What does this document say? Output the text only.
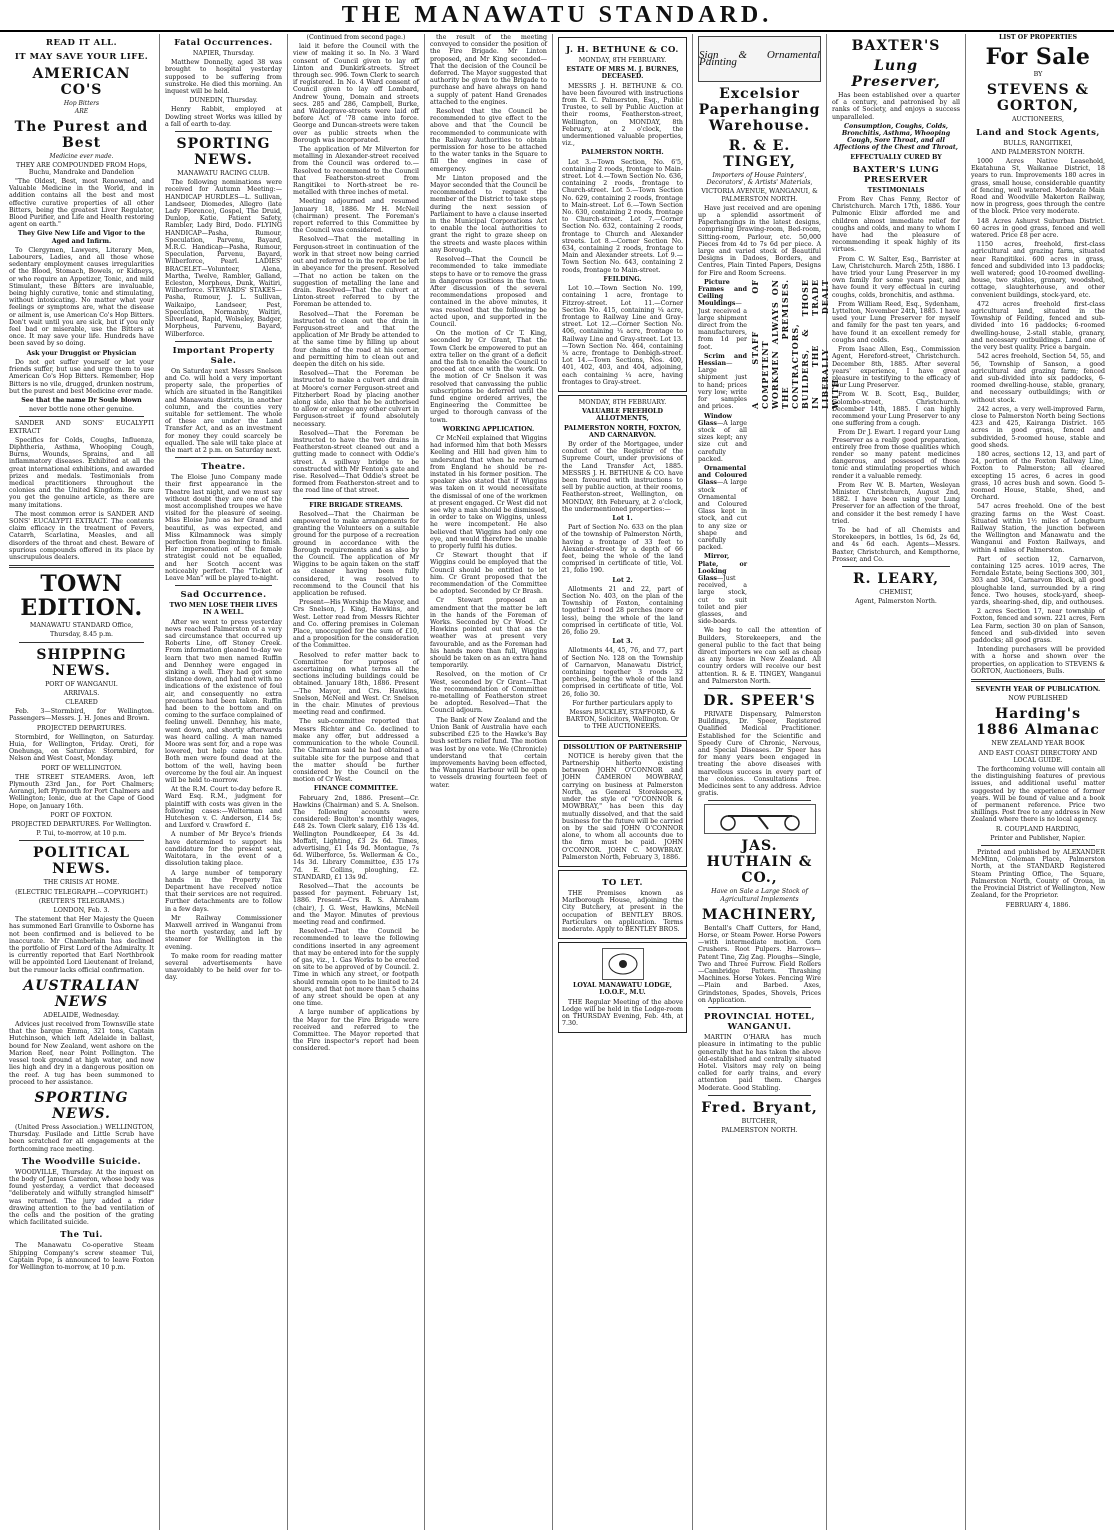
THE MANAWATU STANDARD.
READ IT ALL.
IT MAY SAVE YOUR LIFE.
AMERICAN CO'S
Hop Bitters
ARE
The Purest and Best
Medicine ever made.

THEY ARE COMPOUNDED FROM Hops, Buchu, Mandrake and Dandelion

"The Oldest, Best, most Renowned, and Valuable Medicine in the World, and in addition contains all the best and most effective curative properties of all other Bitters, being the greatest Liver Regulator, Blood Purifier, and Life and Health restoring agent on earth."

They Give New Life and Vigor to the Aged and Infirm.

To Clergymen, Lawyers, Literary Men, Labourers, Ladies, and all those whose sedentary employment causes irregularities of the Blood, Stomach, Bowels, or Kidneys, or who require an Appetizer, Tonic, and mild Stimulant, these Bitters are invaluable, being highly curative, tonic and stimulating, without intoxicating. No matter what your feelings or symptoms are, what the disease or ailment is, use American Co's Hop Bitters. Don't wait until you are sick, but if you only feel bad or miserable, use the Bitters at once. It may save your life. Hundreds have been saved by so doing.

Ask your Druggist or Physician

Do not get suffer yourself or let your friends suffer, but use and urge them to use American Co's Hop Bitters. Remember, Hop Bitters is no vile, drugged, drunken nostrum, but the purest and best Medicine ever made.

See that the name Dr Soule blown

never bottle none other genuine.

SANDER AND SONS' EUCALYPTI EXTRACT

Specifics for Colds, Coughs, Influenza, Diphtheria, Asthma, Whooping Cough, Burns, Wounds, Sprains, and all inflammatory diseases. Exhibited at all the great international exhibitions, and awarded prizes and medals. Testimonials from medical practitioners throughout the colonies and the United Kingdom. Be sure you get the genuine article, as there are many imitations.

The most common error is SANDER AND SONS' EUCALYPTI EXTRACT. The contents claim efficacy in the treatment of Fevers, Catarrh, Scarlatina, Measles, and all disorders of the throat and chest. Beware of spurious compounds offered in its place by unscrupulous dealers.

TOWN EDITION.

MANAWATU STANDARD Office,

Thursday, 8.45 p.m.

SHIPPING NEWS.

PORT OF WANGANUI.

ARRIVALS.

CLEARED

Feb. 3—Stormbird, for Wellington. Passengers—Messrs. J. H. Jones and Brown.

PROJECTED DEPARTURES.

Stormbird, for Wellington, on Saturday. Huia, for Wellington, Friday. Oreti, for Onehunga, on Saturday. Stormbird, for Nelson and West Coast, Monday.

PORT OF WELLINGTON.

THE STREET STEAMERS. Avon, left Plymouth 23rd Jan., for Port Chalmers; Aorangi, left Plymouth for Port Chalmers and Wellington; Ionic, due at the Cape of Good Hope, on January 16th.

PORT OF FOXTON.

PROJECTED DEPARTURES. For Wellington.

P. Tui, to-morrow, at 10 p.m.

POLITICAL NEWS.

THE CRISIS AT HOME.

(ELECTRIC TELEGRAPH.—COPYRIGHT.)

(REUTER'S TELEGRAMS.)

LONDON, Feb. 3.

The statement that Her Majesty the Queen has summoned Earl Granville to Osborne has not been confirmed and is believed to be inaccurate. Mr Chamberlain has declined the portfolio of First Lord of the Admiralty. It is currently reported that Earl Northbrook will be appointed Lord Lieutenant of Ireland, but the rumour lacks official confirmation.

AUSTRALIAN NEWS

ADELAIDE, Wednesday.

Advices just received from Townsville state that the barque Emma, 321 tons, Captain Hutchinson, which left Adelaide in ballast, bound for New Zealand, went ashore on the Marion Reef, near Point Pollington. The vessel took ground at high water, and now lies high and dry in a dangerous position on the reef. A tug has been summoned to proceed to her assistance.

SPORTING NEWS.

(United Press Association.) WELLINGTON, Thursday. Fusilade and Little Scrub have been scratched for all engagements at the forthcoming race meeting.

The Woodville Suicide.

WOODVILLE, Thursday. At the inquest on the body of James Cameron, whose body was found yesterday, a verdict that deceased "deliberately and wilfully strangled himself" was returned. The jury added a rider drawing attention to the bad ventilation of the cells and the position of the grating which facilitated suicide.

The Tui.

The Manawatu Co-operative Steam Shipping Company's screw steamer Tui, Captain Pope, is announced to leave Foxton for Wellington to-morrow, at 10 p.m.

Fatal Occurrences.

NAPIER, Thursday.

Matthew Donnelly, aged 38 was brought to hospital yesterday supposed to be suffering from sunstroke. He died this morning. An inquest will be held.

DUNEDIN, Thursday.

Henry Rabbit, employed at Dowling street Works was killed by a fall of earth to-day.

SPORTING NEWS.

MANAWATU RACING CLUB.

The following nominations were received for Autumn Meeting:— HANDICAP HURDLES—L. Sullivan, Landseer, Diomedes, Allegro (late Lady Florence), Gospel, The Druid, Dunlop, Katie, Patient Safety, Rambler, Lady Bird, Dodo. FLYING HANDICAP—Pasha, Rumour, Speculation, Parvenu, Bayard, M.R.C. Handicap—Pasha, Rumour, Speculation, Parvenu, Bayard, Wilberforce, Pearl. LADIES' BRACELET—Volunteer, Alena, Martha, Twelve, Rambler, Galland, Ecleston, Morpheus, Dunk, Waitiri, Wilberforce. STEWARDS' STAKES—Pasha, Rumour, J. L. Sullivan, Waikaipo, Landseer, Pest, Speculation, Normanby, Waitiri, Silverlead, Rapid, Wolseley, Badger, Morpheus, Parvenu, Bayard, Wilberforce.

Important Property Sale.

On Saturday next Messrs Snelson and Co. will hold a very important property sale, the properties of which are situated in the Rangitikei and Manawatu districts, in another column, and the counties very suitable for settlement. The whole of these are under the Land Transfer Act, and as an investment for money they could scarcely be equalled. The sale will take place at the mart at 2 p.m. on Saturday next.

Theatre.

The Eloise Juno Company made their first appearance in the Theatre last night, and we must say without doubt they are one of the most accomplished troupes we have visited for the pleasure of seeing. Miss Eloise Juno as her Grand and beautiful, as was expected, and Miss Kilmamnock was simply perfection from beginning to finish. Her impersonation of the female strategist could not be equalled, and her Scotch accent was noticeably perfect. The "Ticket of Leave Man" will be played to-night.

Sad Occurrence.

TWO MEN LOSE THEIR LIVES IN A WELL.

After we went to press yesterday news reached Palmerston of a very sad circumstance that occurred up Roberts Line, off Stoney Creek. From information gleaned to-day we learn that two men named Ruffin and Dennhey were engaged in sinking a well. They had got some distance down, and had met with no indications of the existence of foul air, and consequently no extra precautions had been taken. Ruffin had been to the bottom and on coming to the surface complained of feeling unwell. Dennhey, his mate, went down, and shortly afterwards was heard calling. A man named Moore was sent for, and a rope was lowered, but help came too late. Both men were found dead at the bottom of the well, having been overcome by the foul air. An inquest will be held to-morrow.

At the R.M. Court to-day before R. Ward Esq. R.M., judgment for plaintiff with costs was given in the following cases:—Welterman and Hutcheson v. C. Anderson, £14 5s; and Luxford v. Crawford £.

A number of Mr Bryce's friends have determined to support his candidature for the present seat, Waitotara, in the event of a dissolution taking place.

A large number of temporary hands in the Property Tax Department have received notice that their services are not required. Further detachments are to follow in a few days.

Mr Railway Commissioner Maxwell arrived in Wanganui from the north yesterday, and left by steamer for Wellington in the evening.

To make room for reading matter several advertisements have unavoidably to be held over for to-day.

(Continued from second page.)

laid it before the Council with the view of making it so. In No. 3 Ward consent of Council given to lay off Linton and Dunkirk-streets. Street through sec. 996. Town Clerk to search if registered. In No. 4 Ward consent of Council given to lay off Lombard, Andrew Young, Domain and streets secs. 285 and 286, Campbell, Burke, and Waldegrave-streets were laid off before Act of '78 came into force. George and Duncan-streets were taken over as public streets when the Borough was incorporated.

The application of Mr Milverton for metalling in Alexander-street received from the Council was ordered to.— Resolved to recommend to the Council that Featherston-street from Rangitikei to North-street be re-metalled with three inches of metal.

Meeting adjourned and resumed January 18, 1886. Mr H. McNeil (chairman) present. The Foreman's report referred to this Committee by the Council was considered.

Resolved—That the metalling in Ferguson-street in continuation of the work in that street now being carried out and referred to in the report be left in abeyance for the present. Resolved—That no action be taken on the suggestion of metalling the lane and drain. Resolved—That the culvert at Linton-street referred to by the Foreman be attended to.

Resolved—That the Foreman be instructed to clean out the drain in Ferguson-street and that the application of Mr Brady be attended to at the same time by filling up about four chains of the road at his corner, and permitting him to clean out and deepen the ditch on his side.

Resolved—That the Foreman be instructed to make a culvert and drain at Moore's corner Ferguson-street and Fitzherbert Road by placing another along side, also that he be authorised to allow or enlarge any other culvert in Ferguson-street if found absolutely necessary.

Resolved—That the Foreman be instructed to have the two drains in Featherston-street cleaned out and a gutting made to connect with Oddie's street. A spillway bridge to be constructed with Mr Fenton's gate and rise. Resolved—That Oddie's street be formed from Featherston-street and to the road line of that street.

FIRE BRIGADE STREAMS.

Resolved—That the Chairman be empowered to make arrangements for granting the Volunteers on a suitable ground for the purpose of a recreation ground in accordance with the Borough requirements and as also by the Council. The application of Mr Wiggins to be again taken on the staff as cleaner having been fully considered, it was resolved to recommend to the Council that his application be refused.

Present—His Worship the Mayor, and Crs Snelson, J. King, Hawkins, and West. Letter read from Messrs Richter and Co. offering premises in Coleman Place, unoccupied for the sum of £10, and a proposition for the consideration of the Committee.

Resolved to refer matter back to Committee for purposes of ascertaining on what terms all the sections including buildings could be obtained. January 18th, 1886. Present—The Mayor, and Crs. Hawkins, Snelson, McNeil and West. Cr. Snelson in the chair. Minutes of previous meeting read and confirmed.

The sub-committee reported that Messrs Richter and Co. declined to make any offer, but addressed a communication to the whole Council. The Chairman said he had obtained a suitable site for the purpose and that the matter should be further considered by the Council on the motion of Cr West.

FINANCE COMMITTEE.

February 2nd, 1886. Present—Cr. Hawkins (Chairman) and S. A. Snelson. The following accounts were considered: Boulton's monthly wages, £48 2s. Town Clerk salary, £16 13s 4d. Wellington Poundkeeper, £4 3s 4d. Moffatt, Lighting, £3 2s 6d. Times, advertising, £1 14s 9d. Montague, 7s 6d. Wilberforce, 5s. Wellerman & Co., 14s 3d. Library Committee, £35 17s 7d. E. Collins, ploughing, £2. STANDARD, £1 13s 9d.

Resolved—That the accounts be passed for payment. February 1st, 1886. Present—Crs R. S. Abraham (chair), J. G. West, Hawkins, McNeil and the Mayor. Minutes of previous meeting read and confirmed.

Resolved—That the Council be recommended to leave the following conditions inserted in any agreement that may be entered into for the supply of gas, viz., 1. Gas Works to be erected on site to be approved of by Council. 2. Time in which any street, or footpath should remain open to be limited to 24 hours, and that not more than 5 chains of any street should be open at any one time.

A large number of applications by the Mayor for the Fire Brigade were received and referred to the Committee. The Mayor reported that the Fire inspector's report had been considered.

the result of the meeting conveyed to consider the position of the Fire Brigade. Mr Linton proposed, and Mr King seconded—That the decision of the Council be deferred. The Mayor suggested that authority be given to the Brigade to purchase and have always on hand a supply of patent Hand Grenades attached to the engines.

Resolved that the Council be recommended to give effect to the above and that the Council be recommended to communicate with the Railway Authorities to obtain permission for hose to be attached to the water tanks in the Square to fill the engines in case of emergency.

Mr Linton proposed and the Mayor seconded that the Council be recommended to request the member of the District to take steps during the next session of Parliament to have a clause inserted in the Municipal Corporations Act to enable the local authorities to grant the right to graze sheep on the streets and waste places within any Borough.

Resolved—That the Council be recommended to take immediate steps to have or to remove the grass in dangerous positions in the town. After discussion of the several recommendations proposed and contained in the above minutes, it was resolved that the following be acted upon, and supported in the Council.

On the motion of Cr T. King, seconded by Cr Grant, That the Town Clerk be empowered to put an extra teller on the grant of a deficit and the fish to enable the Council to proceed at once with the work. On the motion of Cr Snelson it was resolved that canvassing the public subscriptions be deferred until the fund engine ordered arrives, the Engineering the Committee be urged to thorough canvass of the town.

WORKING APPLICATION.

Cr McNeil explained that Wiggins had informed him that both Messrs Keeling and Hill had given him to understand that when he returned from England he should be re-instated in his former position. The speaker also stated that if Wiggins was taken on it would necessitate the dismissal of one of the workmen at present engaged. Cr West did not see why a man should be dismissed, in order to take on Wiggins, unless he were incompetent. He also believed that Wiggins had only one eye, and would therefore be unable to properly fulfil his duties.

Cr Stewart thought that if Wiggins could be employed that the Council should be entitled to let him. Cr Grant proposed that the recommendation of the Committee be adopted. Seconded by Cr Brash.

Cr Stewart proposed an amendment that the matter be left in the hands of the Foreman of Works. Seconded by Cr Wood. Cr Hawkins pointed out that as the weather was at present very favourable, and as the Foreman had his hands more than full, Wiggins should be taken on as an extra hand temporarily.

Resolved, on the motion of Cr West, seconded by Cr Grant—That the recommendation of Committee re-metalling of Featherston street be adopted. Resolved—That the Council adjourn.

The Bank of New Zealand and the Union Bank of Australia have each subscribed £25 to the Hawke's Bay bush settlers relief fund. The motion was lost by one vote. We (Chronicle) understand that certain improvements having been effected, the Wanganui Harbour will be open to vessels drawing fourteen feet of water.

J. H. BETHUNE & CO.

MONDAY, 8TH FEBRUARY.

ESTATE OF MRS M. J. BURNES, DECEASED.

MESSRS J. H. BETHUNE & CO. have been favoured with instructions from R. C. Palmerston, Esq., Public Trustee, to sell by Public Auction at their rooms, Featherston-street, Wellington, on MONDAY, 8th February, at 2 o'clock, the undermentioned valuable properties, viz.,

PALMERSTON NORTH.

Lot 3.—Town Section, No. 6'5, containing 2 roods, frontage to Main-street. Lot 4.—Town Section No. 636, containing 2 roods, frontage to Church-street. Lot 5.—Town Section No. 629, containing 2 roods, frontage to Main-street. Lot 6.—Town Section No. 630, containing 2 roods, frontage to Church-street. Lot 7.—Corner Section No. 632, containing 2 roods, frontage to Church and Alexander streets. Lot 8.—Corner Section No. 634, containing 2 roods, frontage to Main and Alexander streets. Lot 9.—Town Section No. 643, containing 2 roods, frontage to Main-street.

FEILDING.

Lot 10.—Town Section No. 199, containing 1 acre, frontage to Fitzroy-street. Lot 11.—Corner Section No. 415, containing ¼ acre, frontage to Railway Line and Gray-street. Lot 12.—Corner Section No. 406, containing ¼ acre, frontage to Railway Line and Gray-street. Lot 13.—Town Section No. 464, containing ¼ acre, frontage to Denbigh-street. Lot 14.—Town Sections, Nos. 400, 401, 402, 403, and 404, adjoining, each containing ¼ acre, having frontages to Gray-street.

MONDAY, 8TH FEBRUARY.

VALUABLE FREEHOLD ALLOTMENTS,

PALMERSTON NORTH, FOXTON, AND CARNARVON.

By order of the Mortgagee, under conduct of the Registrar of the Supreme Court, under provisions of the Land Transfer Act, 1885. MESSRS J. H. BETHUNE & CO. have been favoured with instructions to sell by public auction, at their rooms, Featherston-street, Wellington, on MONDAY, 8th February, at 2 o'clock, the undermentioned properties:—

Lot 1.

Part of Section No. 633 on the plan of the township of Palmerston North, having a frontage of 33 feet to Alexander-street by a depth of 66 feet, being the whole of the land comprised in certificate of title, Vol. 21, folio 190.

Lot 2.

Allotments 21 and 22, part of Section No. 403, on the plan of the Township of Foxton, containing together 1 rood 28 perches (more or less), being the whole of the land comprised in certificate of title, Vol. 26, folio 29.

Lot 3.

Allotments 44, 45, 76, and 77, part of Section No. 128 on the Township of Carnarvon, Manawatu District, containing together 3 roods 32 perches, being the whole of the land comprised in certificate of title, Vol. 26, folio 30.

For further particulars apply to

Messrs BUCKLEY, STAFFORD, & BARTON, Solicitors, Wellington. Or to THE AUCTIONEERS.

DISSOLUTION OF PARTNERSHIP

NOTICE is hereby given that the Partnership hitherto existing between JOHN O'CONNOR and JOHN CAMERON MOWBRAY, carrying on business at Palmerston North, as General Storekeepers, under the style of "O'CONNOR & MOWBRAY," has been this day mutually dissolved, and that the said business for the future will be carried on by the said JOHN O'CONNOR alone, to whom all accounts due to the firm must be paid. JOHN O'CONNOR. JOHN C. MOWBRAY. Palmerston North, February 3, 1886.

TO LET.

THE Premises known as Marlborough House, adjoining the City Butchery, at present in the occupation of BENTLEY BROS. Particulars on application. Terms moderate. Apply to BENTLEY BROS.

LOYAL MANAWATU LODGE, I.O.O.F., M.U.

THE Regular Meeting of the above Lodge will be held in the Lodge-room on THURSDAY Evening, Feb. 4th, at 7.30.

Sign & Ornamental Painting
Excelsior Paperhanging Warehouse.
R. & E. TINGEY,

Importers of House Painters', Decorators', & Artists' Materials,

VICTORIA AVENUE, WANGANUI, & PALMERSTON NORTH.

Have just received and are opening up a splendid assortment of Paperhangings in the latest designs, comprising Drawing-room, Bed-room, Sitting-room, Parlour, etc. 50,000 Pieces from 4d to 7s 6d per piece. A large and varied stock of Beautiful Designs in Dadoes, Borders, and Centres, Plain Tinted Papers, Designs for Fire and Room Screens.

Picture Frames and Ceiling Mouldings—Just received a large shipment direct from the manufacturers, from 1d per foot.

Scrim and Hessian—Large shipment just to hand; prices very low; write for samples and prices.

Window Glass—A large stock of all sizes kept; any size cut and carefully packed.

Ornamental and Coloured Glass—A large stock of Ornamental and Coloured Glass kept in stock, and cut to any size or shape and carefully packed.

Mirror, Plate, or Looking Glass—Just received, a large stock, cut to suit toilet and pier glasses, and side-boards.

A STAFF OF COMPETENT WORKMEN ALWAYS ON THE PREMISES. CONTRACTORS, BUILDERS, & THOSE IN THE TRADE LIBERALLY DEALT WITH

We beg to call the attention of Builders, Storekeepers, and the general public to the fact that being direct importers we can sell as cheap as any house in New Zealand. All country orders will receive our best attention. R. & E. TINGEY, Wanganui and Palmerston North.

DR. SPEER'S

PRIVATE Dispensary, Palmerston Buildings, Dr. Speer, Registered Qualified Medical Practitioner. Established for the Scientific and Speedy Cure of Chronic, Nervous, and Special Diseases. Dr Speer has for many years been engaged in treating the above diseases with marvellous success in every part of the colonies. Consultations free. Medicines sent to any address. Advice gratis.

JAS. HUTHAIN & CO.,

Have on Sale a Large Stock of Agricultural Implements

MACHINERY,

Bentall's Chaff Cutters, for Hand, Horse, or Steam Power. Horse Powers—with intermediate motion. Corn Crushers. Root Pulpers. Harrows—Patent Tine, Zig Zag. Ploughs—Single, Two and Three Furrow. Field Rollers—Cambridge Pattern. Thrashing Machines. Horse Yokes. Fencing Wire—Plain and Barbed. Axes, Grindstones, Spades, Shovels, Prices on Application.

PROVINCIAL HOTEL, WANGANUI.

MARTIN O'HARA has much pleasure in intimating to the public generally that he has taken the above old-established and centrally situated Hotel. Visitors may rely on being called for early trains, and every attention paid them. Charges Moderate. Good Stabling.

Fred. Bryant,

BUTCHER,

PALMERSTON NORTH.

BAXTER'S
Lung Preserver,

Has been established over a quarter of a century, and patronised by all ranks of Society, and enjoys a success unparalleled.

Consumption, Coughs, Colds, Bronchitis, Asthma, Whooping Cough, Sore Throat, and all Affections of the Chest and Throat,

EFFECTUALLY CURED BY

BAXTER'S LUNG PRESERVER

TESTIMONIALS

From Rev Chas Fenny, Rector of Christchurch. March 17th, 1886. Your Pulmonic Elixir afforded me and children almost immediate relief for coughs and colds, and many to whom I have had the pleasure of recommending it speak highly of its virtues.

From C. W. Salter, Esq., Barrister at Law, Christchurch. March 25th, 1886. I have tried your Lung Preserver in my own family for some years past, and have found it very effectual in curing coughs, colds, bronchitis, and asthma.

From William Reed, Esq., Sydenham, Lyttelton, November 24th, 1885. I have used your Lung Preserver for myself and family for the past ten years, and have found it an excellent remedy for coughs and colds.

From Isaac Allen, Esq., Commission Agent, Hereford-street, Christchurch. December 8th, 1885. After several years' experience, I have great pleasure in testifying to the efficacy of your Lung Preserver.

From W. B. Scott, Esq., Builder, Colombo-street, Christchurch. December 14th, 1885. I can highly recommend your Lung Preserver to any one suffering from a cough.

From Dr J. Ewart. I regard your Lung Preserver as a really good preparation, entirely free from those qualities which render so many patent medicines dangerous, and possessed of those tonic and stimulating properties which render it a valuable remedy.

From Rev W. B. Marten, Wesleyan Minister. Christchurch, August 2nd, 1882. I have been using your Lung Preserver for an affection of the throat, and consider it the best remedy I have tried.

To be had of all Chemists and Storekeepers, in bottles, 1s 6d, 2s 6d, and 4s 6d each. Agents—Messrs. Baxter, Christchurch, and Kempthorne, Prosser, and Co.

R. LEARY,

CHEMIST,

Agent, Palmerston North.

LIST OF PROPERTIES

For Sale

BY

STEVENS & GORTON,

AUCTIONEERS,

Land and Stock Agents,

BULLS, RANGITIKEI,

AND PALMERSTON NORTH.

1000 Acres Native Leasehold, Ekatahuna St, Waikanae District, 18 years to run. Improvements 180 acres in grass, small house, considerable quantity of fencing, well watered. Moderate Main Road and Woodville Makerton Railway, now in progress, goes through the centre of the block. Price very moderate.

148 Acres Ashurst Suburban District. 60 acres in good grass, fenced and well watered. Price £8 per acre.

1150 acres, freehold, first-class agricultural and grazing farm, situated near Rangitikei. 600 acres in grass, fenced and subdivided into 13 paddocks; well watered; good 10-roomed dwelling-house, two stables, granary, woodshed, cottage, slaughterhouse, and other convenient buildings, stock-yard, etc.

472 acres freehold first-class agricultural land, situated in the Township of Feilding, fenced and sub-divided into 16 paddocks; 6-roomed dwelling-house, 2-stall stable, granary, and necessary outbuildings. Land one of the very best quality. Price a bargain.

542 acres freehold, Section 54, 55, and 56, Township of Sanson, a good agricultural and grazing farm; fenced and sub-divided into six paddocks, 6-roomed dwelling-house, stable, granary, and necessary outbuildings; with or without stock.

242 acres, a very well-improved Farm, close to Palmerston North being Sections 423 and 425, Kairanga District. 165 acres in good grass, fenced and subdivided, 5-roomed house, stable and good sheds.

180 acres, sections 12, 13, and part of 24, portion of the Foxton Railway Line, Foxton to Palmerston; all cleared excepting 15 acres, 6 acres in good grass, 10 acres bush and sown. Good 5-roomed House, Stable, Shed, and Orchard.

547 acres freehold. One of the best grazing farms on the West Coast. Situated within 1½ miles of Longburn Railway Station, the junction between the Wellington and Manawatu and the Wanganui and Foxton Railways, and within 4 miles of Palmerston.

Part of section 12, Carnarvon, containing 125 acres. 1019 acres, The Ferndale Estate, being Sections 300, 301, 303 and 304, Carnarvon Block, all good ploughable land, surrounded by a ring fence. Two houses, stock-yard, sheep-yards, shearing-shed, dip, and outhouses.

2 acres Section 17, near township of Foxton, fenced and sown. 221 acres, Fern Lea Farm, section 30 on plan of Sanson, fenced and sub-divided into seven paddocks; all good grass.

Intending purchasers will be provided with a horse and shown over the properties, on application to STEVENS & GORTON, Auctioneers, Bulls.

SEVENTH YEAR OF PUBLICATION.

NOW PUBLISHED

Harding's 1886 Almanac

NEW ZEALAND YEAR BOOK

AND EAST COAST DIRECTORY AND LOCAL GUIDE.

The forthcoming volume will contain all the distinguishing features of previous issues, and additional useful matter suggested by the experience of former years. Will be found of value and a book of permanent reference. Price two shillings. Post free to any address in New Zealand where there is no local agency.

R. COUPLAND HARDING,

Printer and Publisher, Napier.

Printed and published by ALEXANDER McMinn, Coleman Place, Palmerston North, at the STANDARD Registered Steam Printing Office, The Square, Palmerston North, County of Oroua, in the Provincial District of Wellington, New Zealand, for the Proprietor.

FEBRUARY 4, 1886.
